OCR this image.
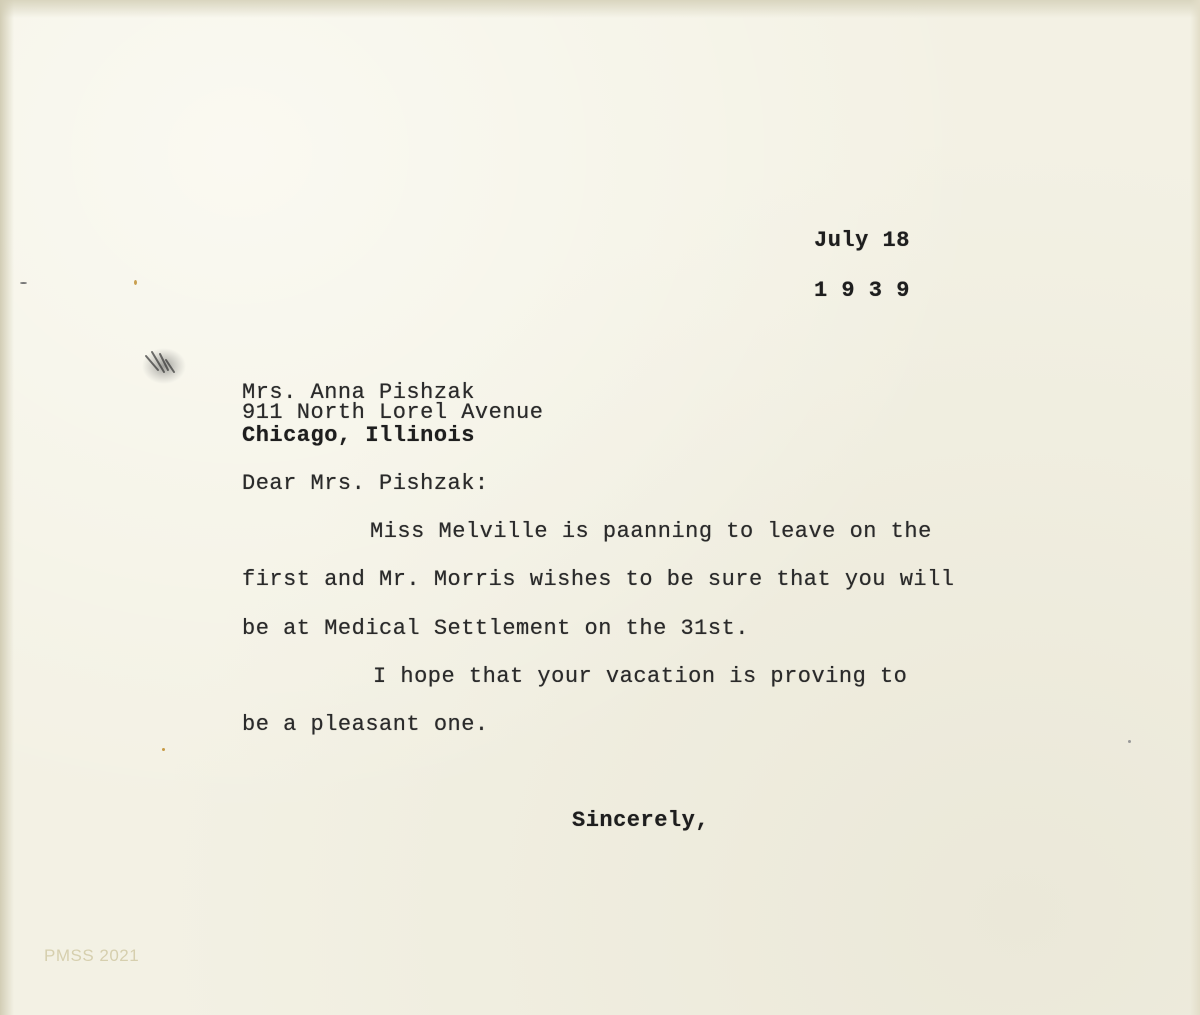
July 18

1 9 3 9

Mrs. Anna Pishzak

911 North Lorel Avenue

Chicago, Illinois

Dear Mrs. Pishzak:

Miss Melville is paanning to leave on the

first and Mr. Morris wishes to be sure that you will

be at Medical Settlement on the 31st.

I hope that your vacation is proving to

be a pleasant one.

Sincerely,

PMSS 2021
